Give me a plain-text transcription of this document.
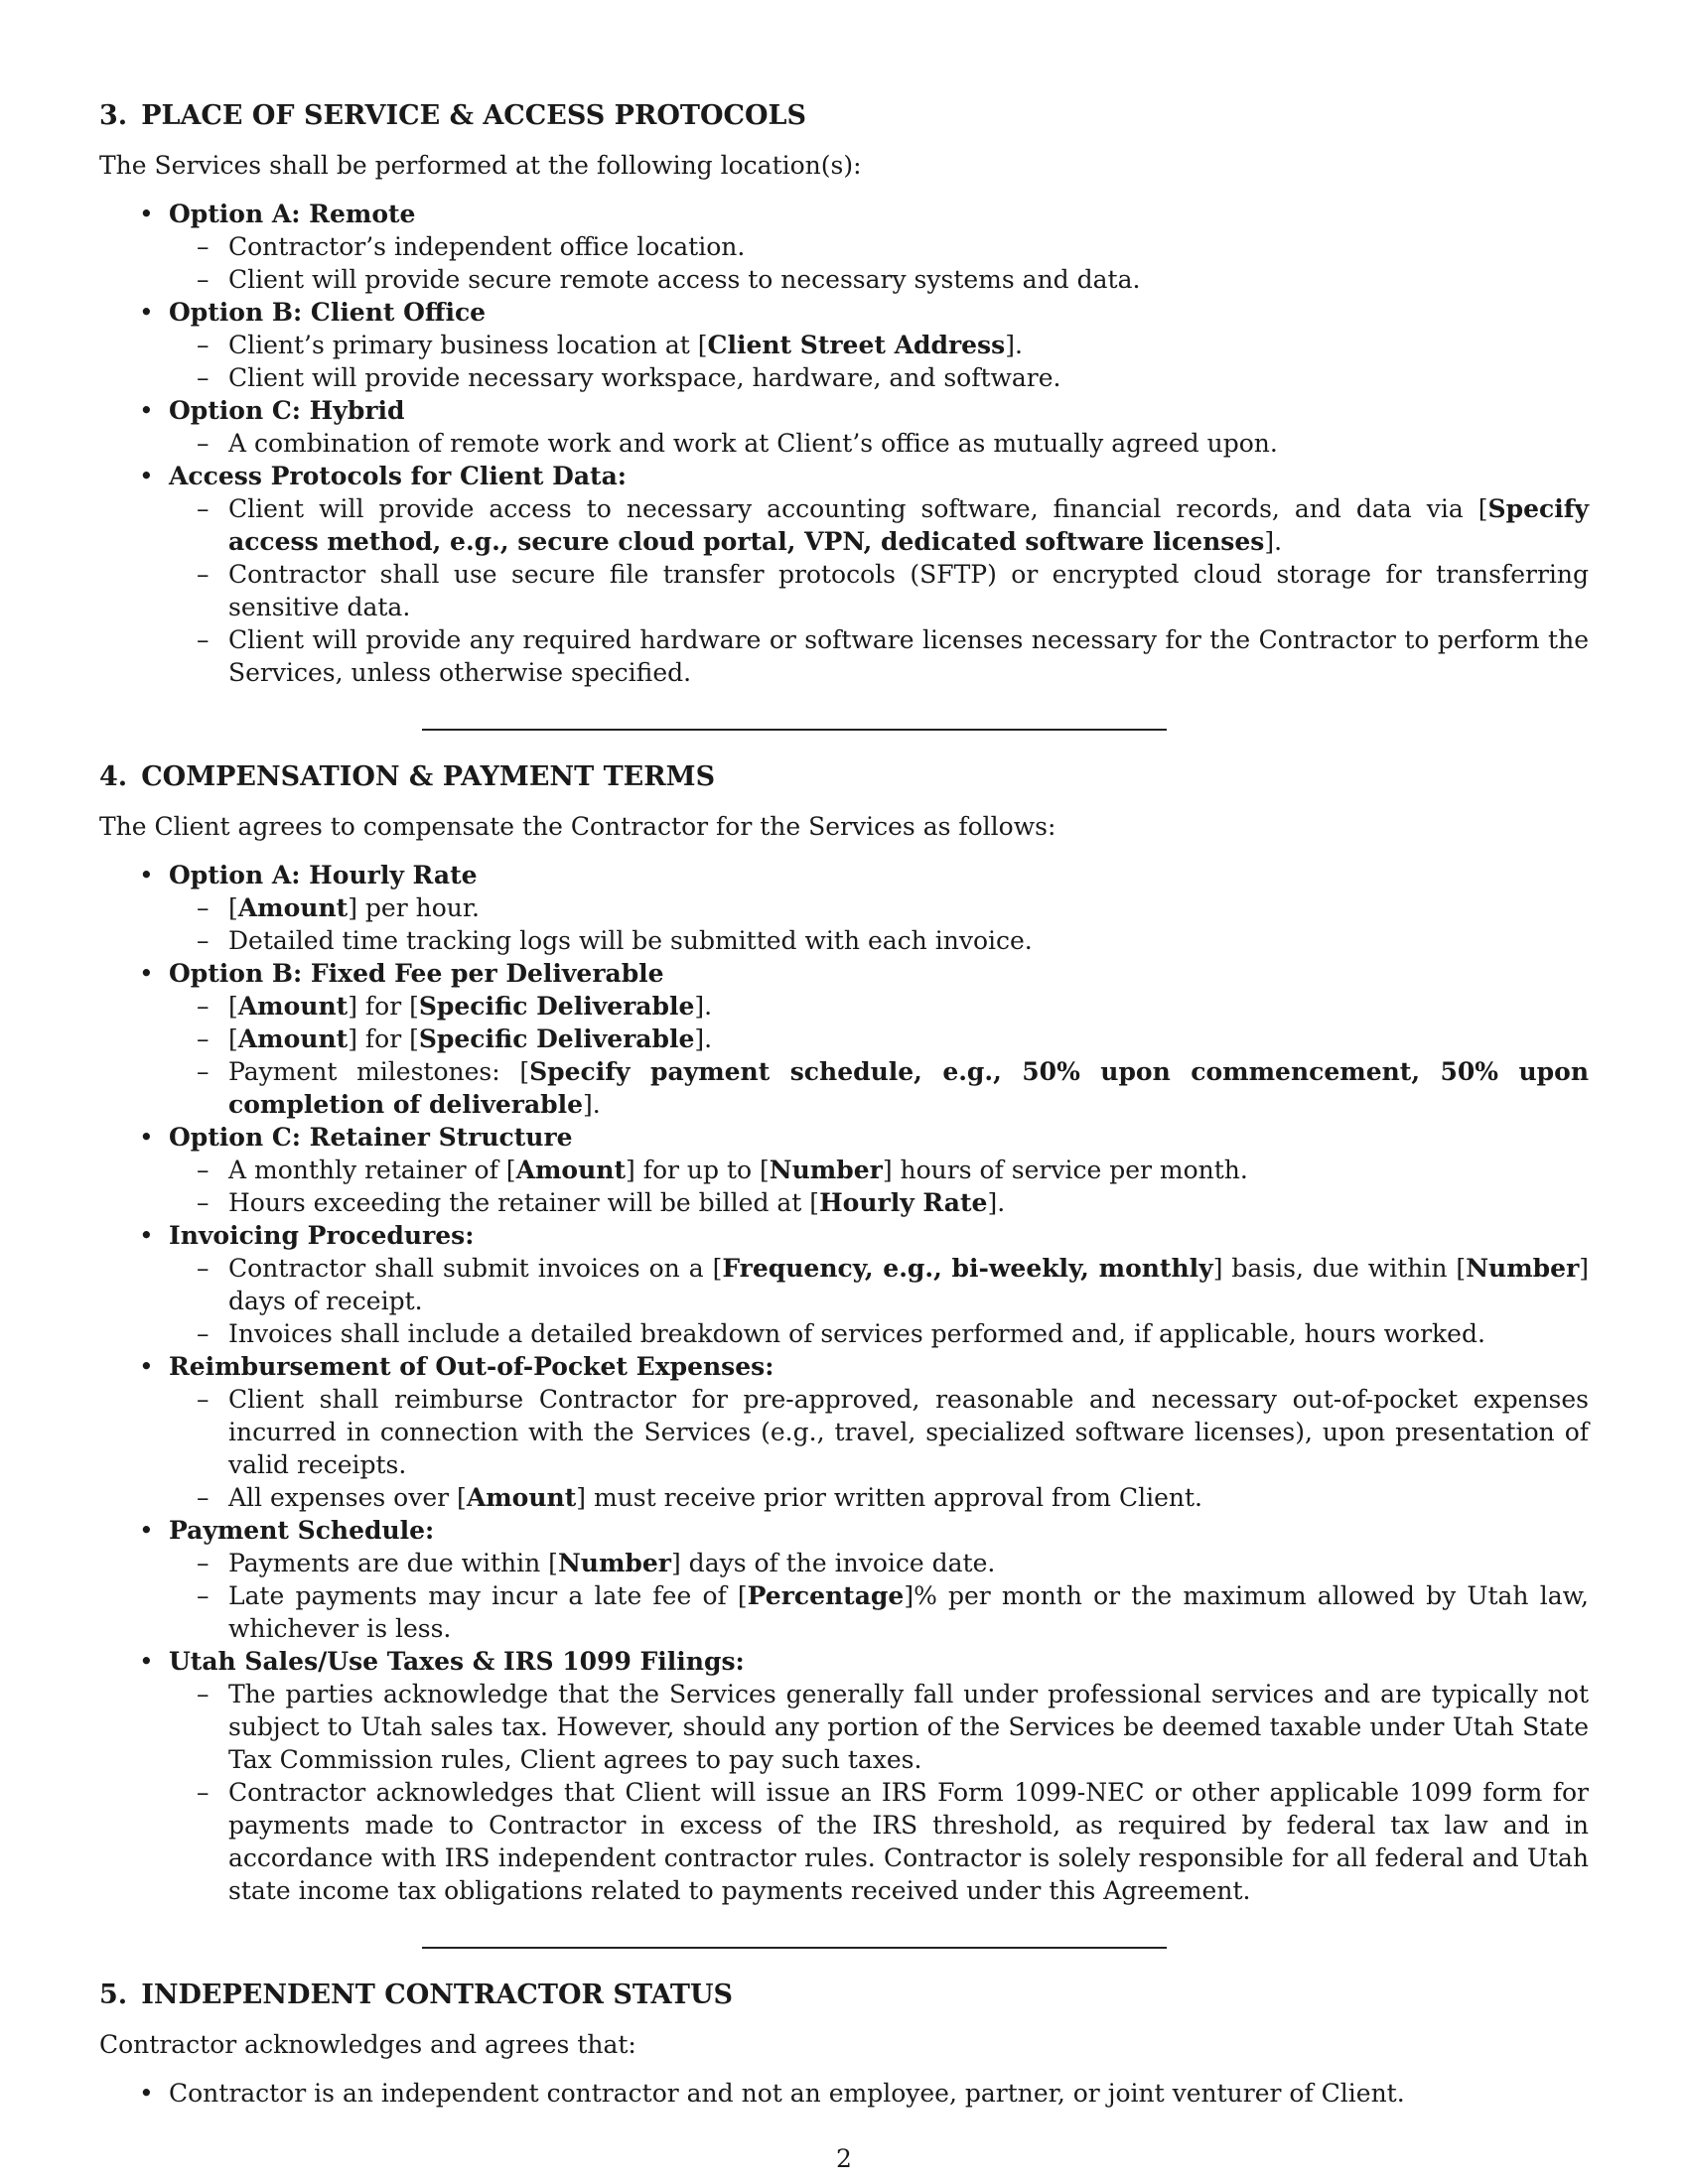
3. PLACE OF SERVICE & ACCESS PROTOCOLS

The Services shall be performed at the following location(s):

• Option A: Remote
– Contractor’s independent office location.
– Client will provide secure remote access to necessary systems and data.
• Option B: Client Office
– Client’s primary business location at [Client Street Address].
– Client will provide necessary workspace, hardware, and software.
• Option C: Hybrid
– A combination of remote work and work at Client’s office as mutually agreed upon.
• Access Protocols for Client Data:
– Client will provide access to necessary accounting software, financial records, and data via [Specify access method, e.g., secure cloud portal, VPN, dedicated software licenses].
– Contractor shall use secure file transfer protocols (SFTP) or encrypted cloud storage for transferring sensitive data.
– Client will provide any required hardware or software licenses necessary for the Contractor to perform the Services, unless otherwise specified.
4. COMPENSATION & PAYMENT TERMS

The Client agrees to compensate the Contractor for the Services as follows:

• Option A: Hourly Rate
– [Amount] per hour.
– Detailed time tracking logs will be submitted with each invoice.
• Option B: Fixed Fee per Deliverable
– [Amount] for [Specific Deliverable].
– [Amount] for [Specific Deliverable].
– Payment milestones: [Specify payment schedule, e.g., 50% upon commencement, 50% upon completion of deliverable].
• Option C: Retainer Structure
– A monthly retainer of [Amount] for up to [Number] hours of service per month.
– Hours exceeding the retainer will be billed at [Hourly Rate].
• Invoicing Procedures:
– Contractor shall submit invoices on a [Frequency, e.g., bi-weekly, monthly] basis, due within [Number] days of receipt.
– Invoices shall include a detailed breakdown of services performed and, if applicable, hours worked.
• Reimbursement of Out-of-Pocket Expenses:
– Client shall reimburse Contractor for pre-approved, reasonable and necessary out-of-pocket expenses incurred in connection with the Services (e.g., travel, specialized software licenses), upon presentation of valid receipts.
– All expenses over [Amount] must receive prior written approval from Client.
• Payment Schedule:
– Payments are due within [Number] days of the invoice date.
– Late payments may incur a late fee of [Percentage]% per month or the maximum allowed by Utah law, whichever is less.
• Utah Sales/Use Taxes & IRS 1099 Filings:
– The parties acknowledge that the Services generally fall under professional services and are typically not subject to Utah sales tax. However, should any portion of the Services be deemed taxable under Utah State Tax Commission rules, Client agrees to pay such taxes.
– Contractor acknowledges that Client will issue an IRS Form 1099-NEC or other applicable 1099 form for payments made to Contractor in excess of the IRS threshold, as required by federal tax law and in accordance with IRS independent contractor rules. Contractor is solely responsible for all federal and Utah state income tax obligations related to payments received under this Agreement.
5. INDEPENDENT CONTRACTOR STATUS

Contractor acknowledges and agrees that:

• Contractor is an independent contractor and not an employee, partner, or joint venturer of Client.
2
